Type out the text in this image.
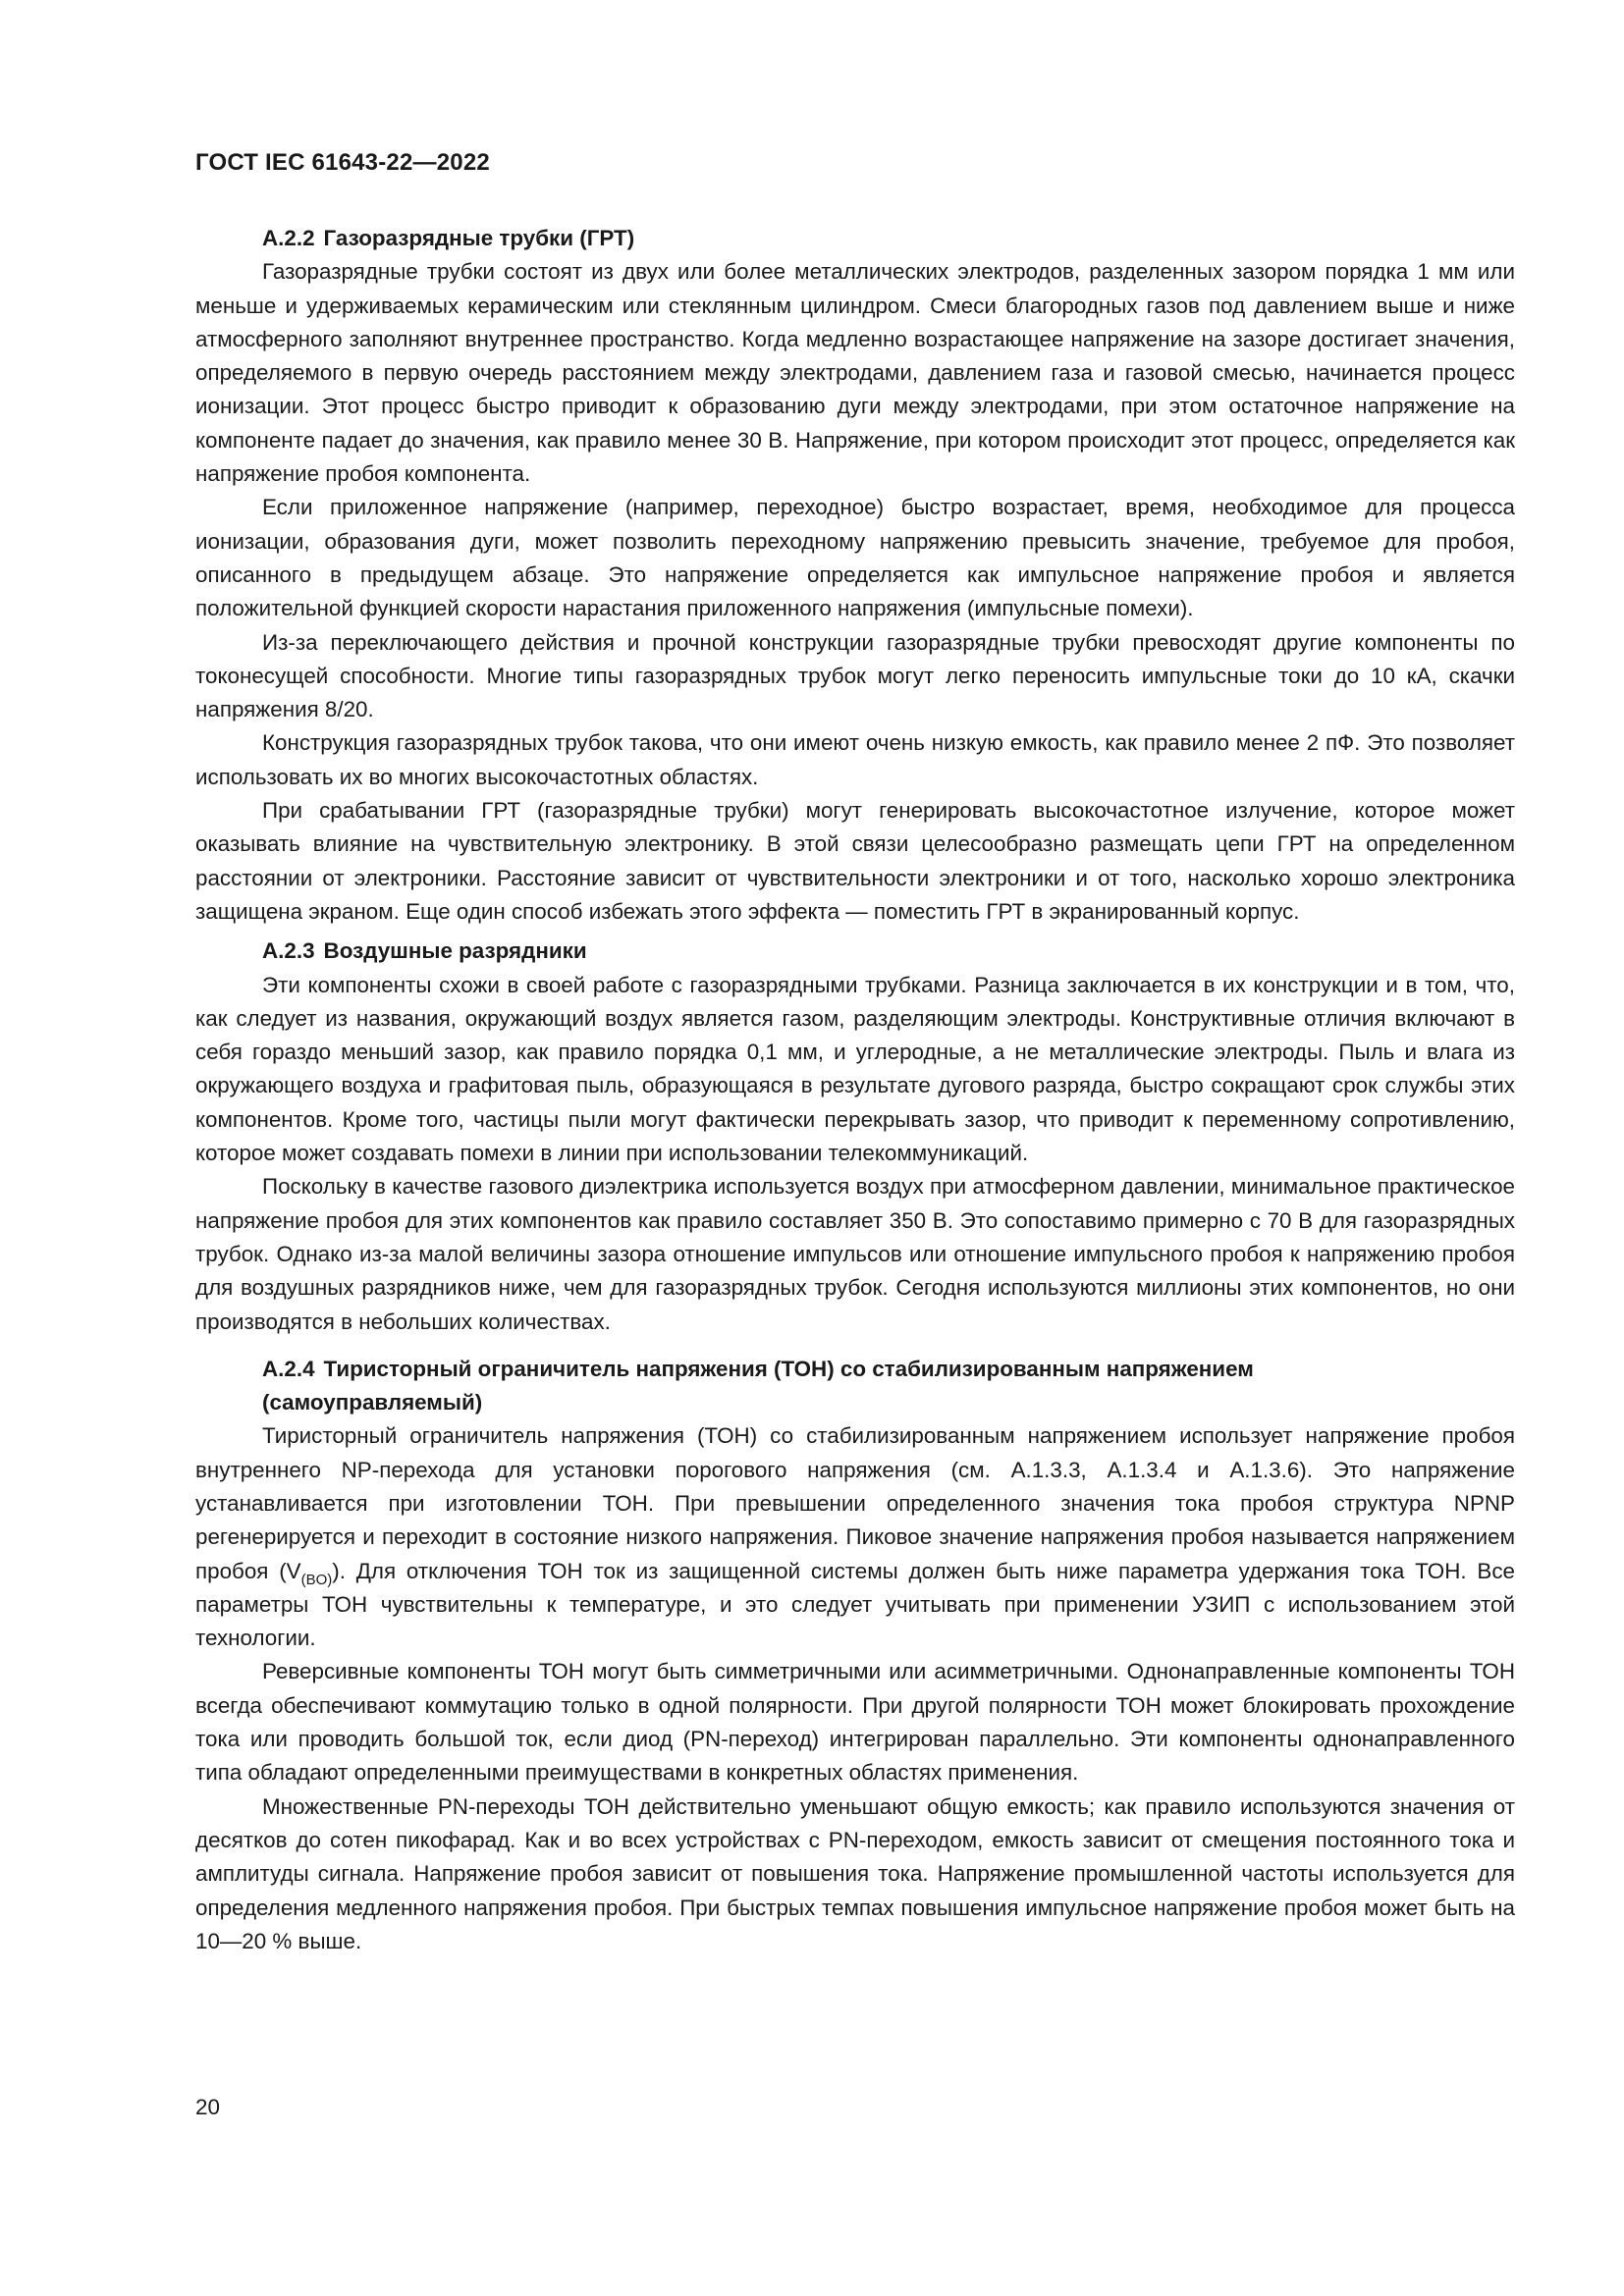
ГОСТ IEC 61643-22—2022
А.2.2 Газоразрядные трубки (ГРТ)

Газоразрядные трубки состоят из двух или более металлических электродов, разделенных зазором порядка 1 мм или меньше и удерживаемых керамическим или стеклянным цилиндром. Смеси благородных газов под давлением выше и ниже атмосферного заполняют внутреннее пространство. Когда медленно возрастающее напряжение на зазоре достигает значения, определяемого в первую очередь расстоянием между электродами, давлением газа и газовой смесью, начинается процесс ионизации. Этот процесс быстро приводит к образованию дуги между электродами, при этом остаточное напряжение на компоненте падает до значения, как правило менее 30 В. Напряжение, при котором происходит этот процесс, определяется как напряжение пробоя компонента.

Если приложенное напряжение (например, переходное) быстро возрастает, время, необходимое для процесса ионизации, образования дуги, может позволить переходному напряжению превысить значение, требуемое для пробоя, описанного в предыдущем абзаце. Это напряжение определяется как импульсное напряжение пробоя и является положительной функцией скорости нарастания приложенного напряжения (импульсные помехи).

Из-за переключающего действия и прочной конструкции газоразрядные трубки превосходят другие компоненты по токонесущей способности. Многие типы газоразрядных трубок могут легко переносить импульсные токи до 10 кА, скачки напряжения 8/20.

Конструкция газоразрядных трубок такова, что они имеют очень низкую емкость, как правило менее 2 пФ. Это позволяет использовать их во многих высокочастотных областях.

При срабатывании ГРТ (газоразрядные трубки) могут генерировать высокочастотное излучение, которое может оказывать влияние на чувствительную электронику. В этой связи целесообразно размещать цепи ГРТ на определенном расстоянии от электроники. Расстояние зависит от чувствительности электроники и от того, насколько хорошо электроника защищена экраном. Еще один способ избежать этого эффекта — поместить ГРТ в экранированный корпус.

А.2.3 Воздушные разрядники

Эти компоненты схожи в своей работе с газоразрядными трубками. Разница заключается в их конструкции и в том, что, как следует из названия, окружающий воздух является газом, разделяющим электроды. Конструктивные отличия включают в себя гораздо меньший зазор, как правило порядка 0,1 мм, и углеродные, а не металлические электроды. Пыль и влага из окружающего воздуха и графитовая пыль, образующаяся в результате дугового разряда, быстро сокращают срок службы этих компонентов. Кроме того, частицы пыли могут фактически перекрывать зазор, что приводит к переменному сопротивлению, которое может создавать помехи в линии при использовании телекоммуникаций.

Поскольку в качестве газового диэлектрика используется воздух при атмосферном давлении, минимальное практическое напряжение пробоя для этих компонентов как правило составляет 350 В. Это сопоставимо примерно с 70 В для газоразрядных трубок. Однако из-за малой величины зазора отношение импульсов или отношение импульсного пробоя к напряжению пробоя для воздушных разрядников ниже, чем для газоразрядных трубок. Сегодня используются миллионы этих компонентов, но они производятся в небольших количествах.

А.2.4 Тиристорный ограничитель напряжения (ТОН) со стабилизированным напряжением
(самоуправляемый)

Тиристорный ограничитель напряжения (ТОН) со стабилизированным напряжением использует напряжение пробоя внутреннего NP-перехода для установки порогового напряжения (см. А.1.3.3, А.1.3.4 и А.1.3.6). Это напряжение устанавливается при изготовлении ТОН. При превышении определенного значения тока пробоя структура NPNP регенерируется и переходит в состояние низкого напряжения. Пиковое значение напряжения пробоя называется напряжением пробоя $(V_{(BO)})$. Для отключения ТОН ток из защищенной системы должен быть ниже параметра удержания тока ТОН. Все параметры ТОН чувствительны к температуре, и это следует учитывать при применении УЗИП с использованием этой технологии.

Реверсивные компоненты ТОН могут быть симметричными или асимметричными. Однонаправленные компоненты ТОН всегда обеспечивают коммутацию только в одной полярности. При другой полярности ТОН может блокировать прохождение тока или проводить большой ток, если диод (PN-переход) интегрирован параллельно. Эти компоненты однонаправленного типа обладают определенными преимуществами в конкретных областях применения.

Множественные PN-переходы ТОН действительно уменьшают общую емкость; как правило используются значения от десятков до сотен пикофарад. Как и во всех устройствах с PN-переходом, емкость зависит от смещения постоянного тока и амплитуды сигнала. Напряжение пробоя зависит от повышения тока. Напряжение промышленной частоты используется для определения медленного напряжения пробоя. При быстрых темпах повышения импульсное напряжение пробоя может быть на 10—20 % выше.

20
